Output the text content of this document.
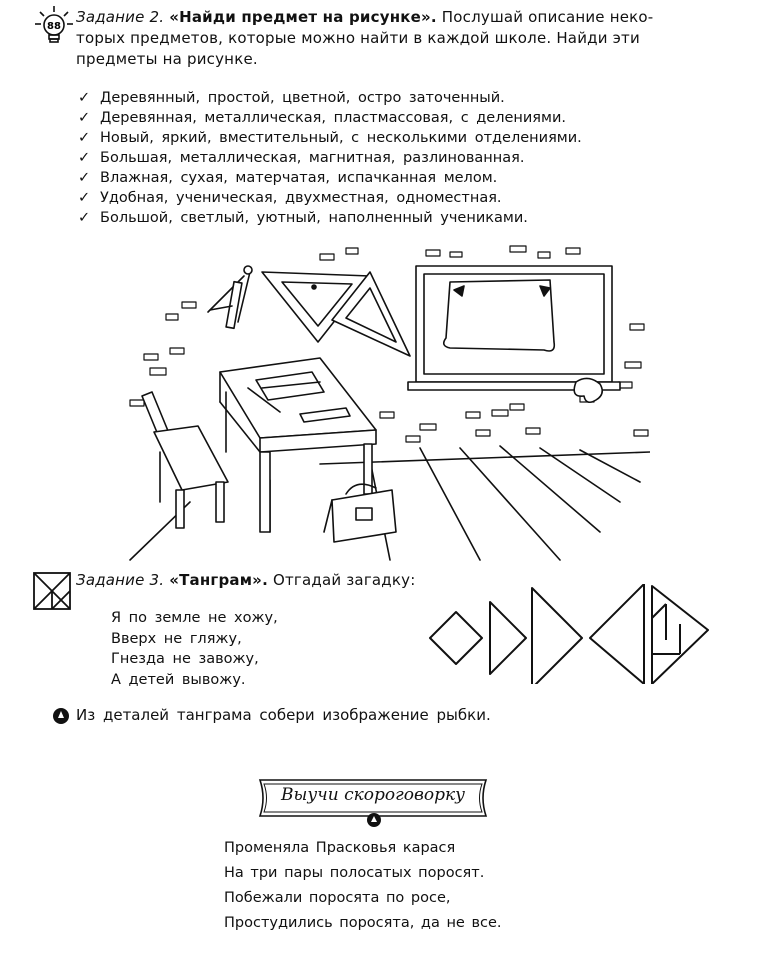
88
Задание 2. «Найди предмет на рисунке». Послушай описание неко-
торых предметов, которые можно найти в каждой школе. Найди эти
предметы на рисунке.
✓ Деревянный, простой, цветной, остро заточенный.
✓ Деревянная, металлическая, пластмассовая, с делениями.
✓ Новый, яркий, вместительный, с несколькими отделениями.
✓ Большая, металлическая, магнитная, разлинованная.
✓ Влажная, сухая, матерчатая, испачканная мелом.
✓ Удобная, ученическая, двухместная, одноместная.
✓ Большой, светлый, уютный, наполненный учениками.
Задание 3. «Танграм». Отгадай загадку:
Я по земле не хожу,
Вверх не гляжу,
Гнезда не завожу,
А детей вывожу.
Из деталей танграма собери изображение рыбки.
Выучи скороговорку
Променяла Прасковья карася
На три пары полосатых поросят.
Побежали поросята по росе,
Простудились поросята, да не все.
